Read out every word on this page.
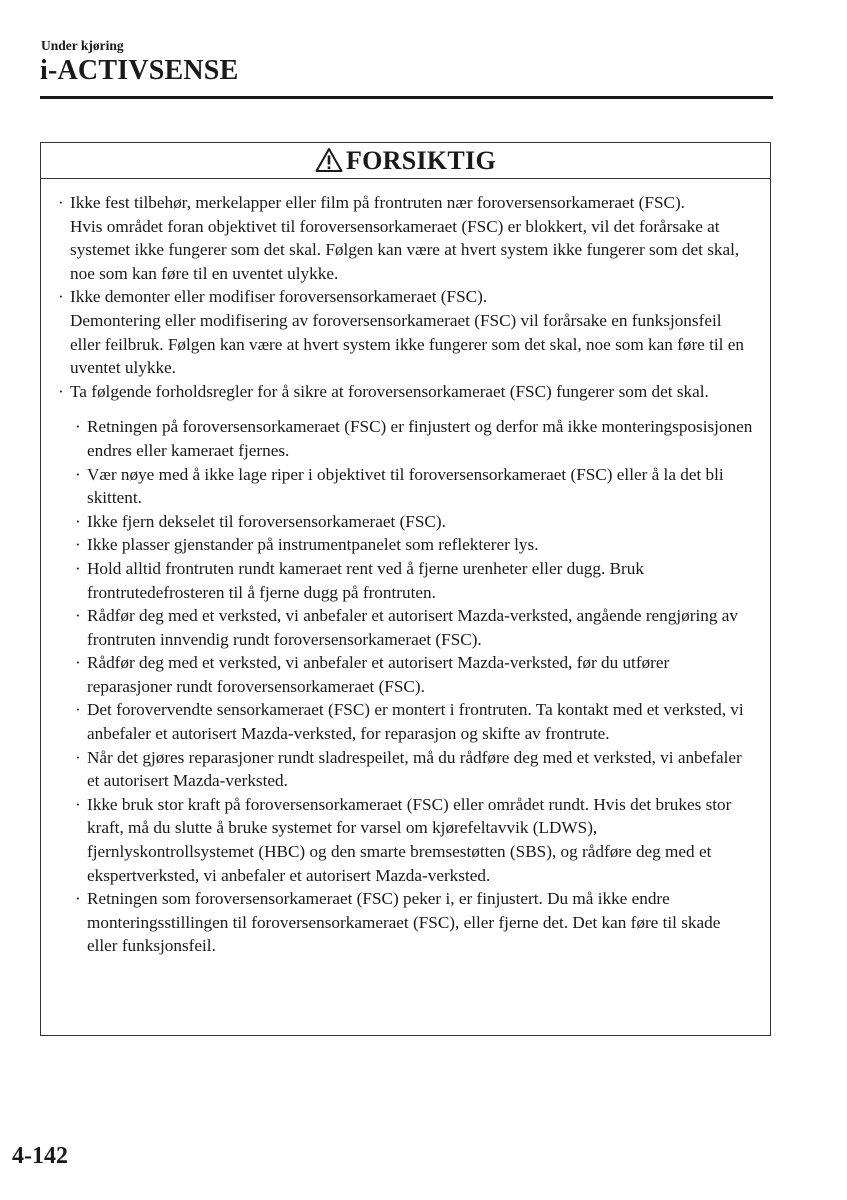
Under kjøring
i-ACTIVSENSE
FORSIKTIG
· Ikke fest tilbehør, merkelapper eller film på frontruten nær foroversensorkameraet (FSC).
Hvis området foran objektivet til foroversensorkameraet (FSC) er blokkert, vil det forårsake at systemet ikke fungerer som det skal. Følgen kan være at hvert system ikke fungerer som det skal, noe som kan føre til en uventet ulykke.
· Ikke demonter eller modifiser foroversensorkameraet (FSC).
Demontering eller modifisering av foroversensorkameraet (FSC) vil forårsake en funksjonsfeil eller feilbruk. Følgen kan være at hvert system ikke fungerer som det skal, noe som kan føre til en uventet ulykke.
· Ta følgende forholdsregler for å sikre at foroversensorkameraet (FSC) fungerer som det skal.
· Retningen på foroversensorkameraet (FSC) er finjustert og derfor må ikke monteringsposisjonen endres eller kameraet fjernes.
· Vær nøye med å ikke lage riper i objektivet til foroversensorkameraet (FSC) eller å la det bli skittent.
· Ikke fjern dekselet til foroversensorkameraet (FSC).
· Ikke plasser gjenstander på instrumentpanelet som reflekterer lys.
· Hold alltid frontruten rundt kameraet rent ved å fjerne urenheter eller dugg. Bruk frontrutedefrosteren til å fjerne dugg på frontruten.
· Rådfør deg med et verksted, vi anbefaler et autorisert Mazda-verksted, angående rengjøring av frontruten innvendig rundt foroversensorkameraet (FSC).
· Rådfør deg med et verksted, vi anbefaler et autorisert Mazda-verksted, før du utfører reparasjoner rundt foroversensorkameraet (FSC).
· Det forovervendte sensorkameraet (FSC) er montert i frontruten. Ta kontakt med et verksted, vi anbefaler et autorisert Mazda-verksted, for reparasjon og skifte av frontrute.
· Når det gjøres reparasjoner rundt sladrespeilet, må du rådføre deg med et verksted, vi anbefaler et autorisert Mazda-verksted.
· Ikke bruk stor kraft på foroversensorkameraet (FSC) eller området rundt. Hvis det brukes stor kraft, må du slutte å bruke systemet for varsel om kjørefeltavvik (LDWS), fjernlyskontrollsystemet (HBC) og den smarte bremsestøtten (SBS), og rådføre deg med et ekspertverksted, vi anbefaler et autorisert Mazda-verksted.
· Retningen som foroversensorkameraet (FSC) peker i, er finjustert. Du må ikke endre monteringsstillingen til foroversensorkameraet (FSC), eller fjerne det. Det kan føre til skade eller funksjonsfeil.
4-142
